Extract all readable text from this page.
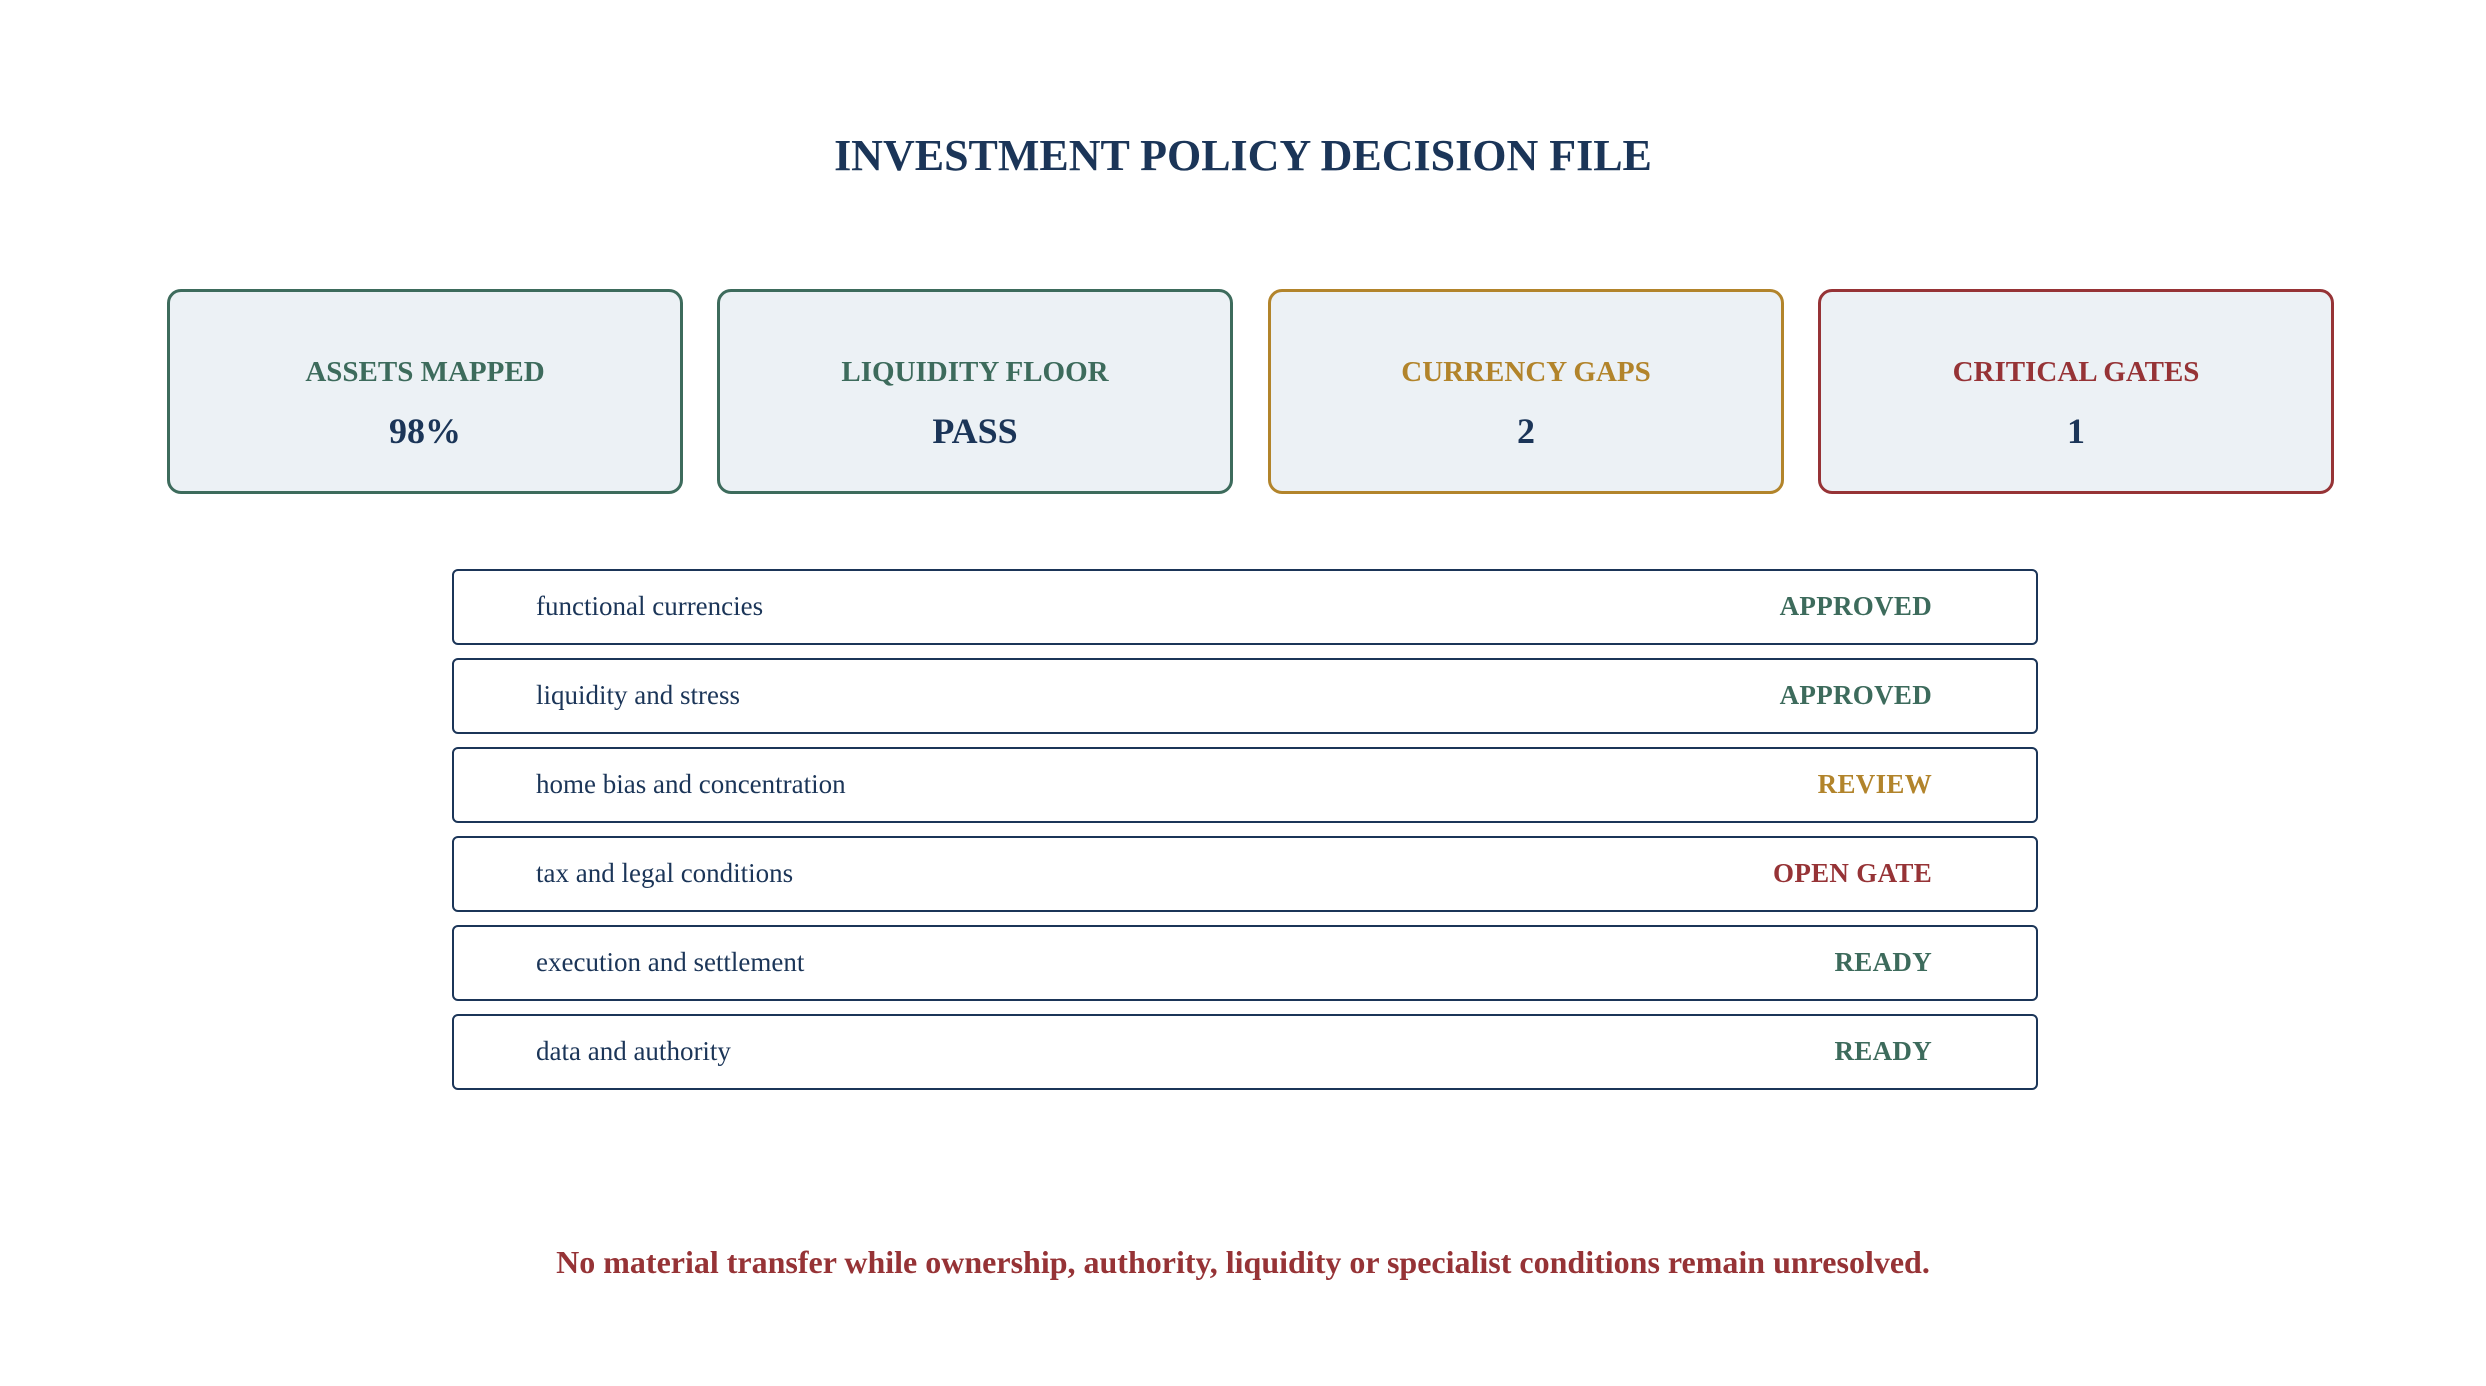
INVESTMENT POLICY DECISION FILE
ASSETS MAPPED
98%
LIQUIDITY FLOOR
PASS
CURRENCY GAPS
2
CRITICAL GATES
1
functional currencies	APPROVED
liquidity and stress	APPROVED
home bias and concentration	REVIEW
tax and legal conditions	OPEN GATE
execution and settlement	READY
data and authority	READY
No material transfer while ownership, authority, liquidity or specialist conditions remain unresolved.
